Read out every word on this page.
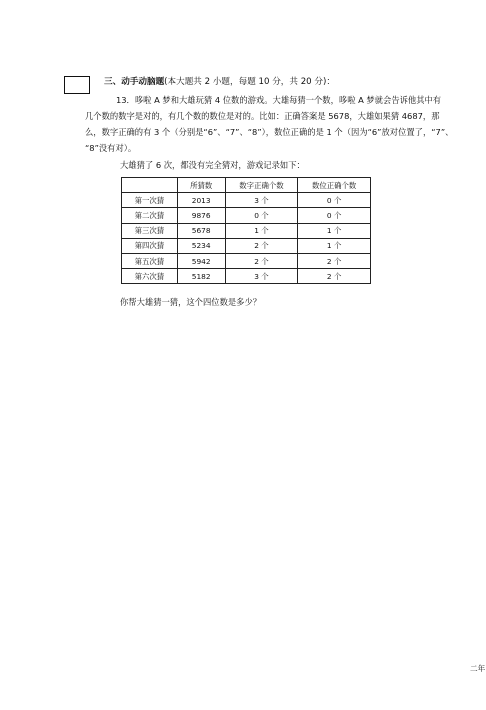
三、动手动脑题(本大题共 2 小题，每题 10 分，共 20 分)：

13．哆啦 A 梦和大雄玩猜 4 位数的游戏。大雄每猜一个数，哆啦 A 梦就会告诉他其中有

几个数的数字是对的，有几个数的数位是对的。比如：正确答案是 5678，大雄如果猜 4687，那

么，数字正确的有 3 个（分别是“6”、“7”、“8”），数位正确的是 1 个（因为“6”放对位置了，“7”、

“8”没有对）。

大雄猜了 6 次，都没有完全猜对，游戏记录如下：
	所猜数	数字正确个数	数位正确个数
第一次猜	2013	3 个	0 个
第二次猜	9876	0 个	0 个
第三次猜	5678	1 个	1 个
第四次猜	5234	2 个	1 个
第五次猜	5942	2 个	2 个
第六次猜	5182	3 个	2 个
你帮大雄猜一猜，这个四位数是多少？
二年
